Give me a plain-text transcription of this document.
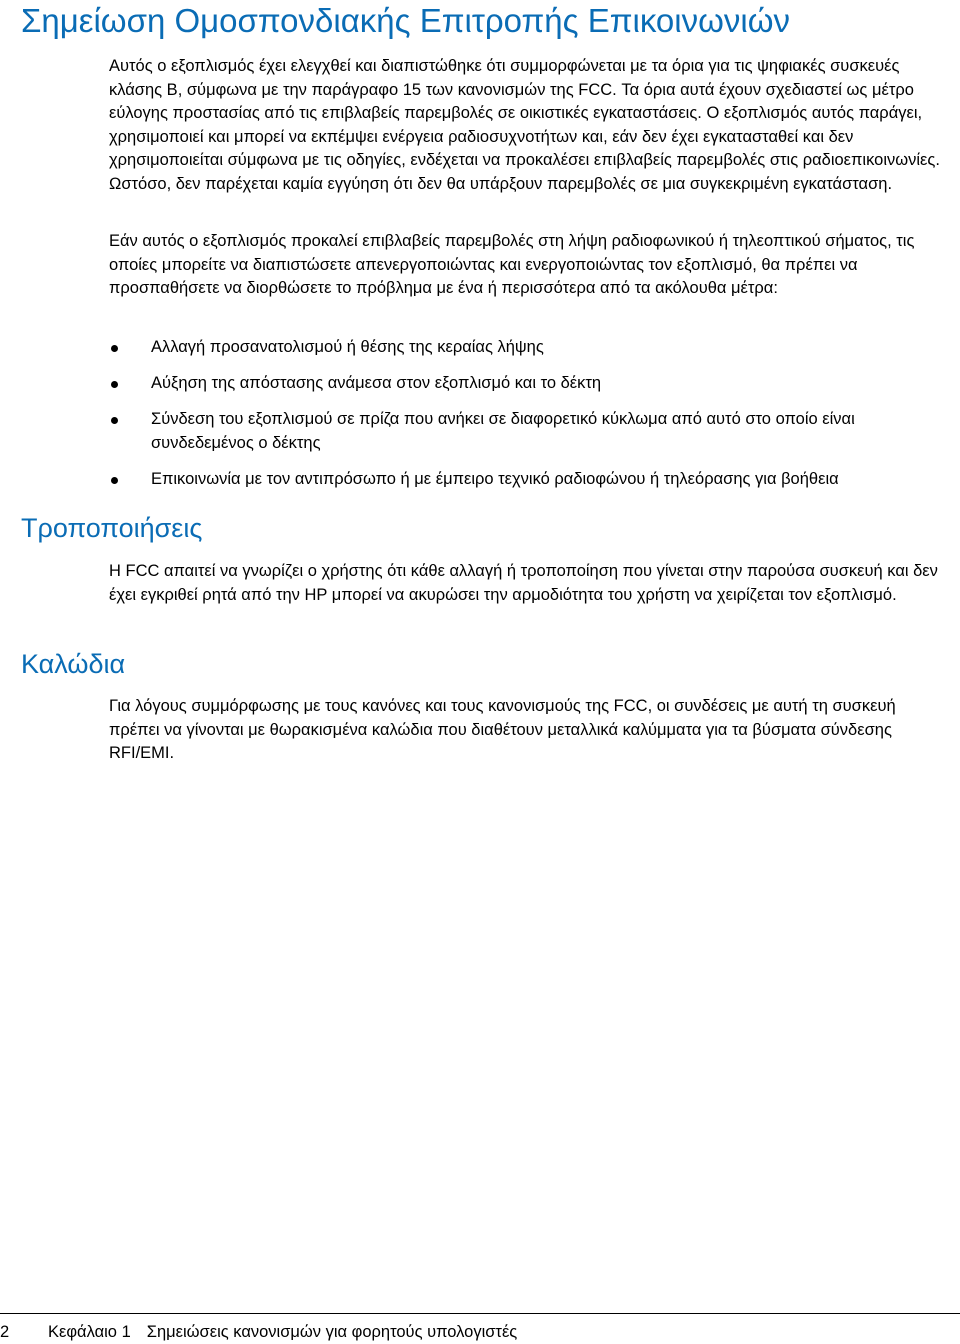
Σημείωση Ομοσπονδιακής Επιτροπής Επικοινωνιών

Αυτός ο εξοπλισμός έχει ελεγχθεί και διαπιστώθηκε ότι συμμορφώνεται με τα όρια για τις ψηφιακές συσκευές κλάσης B, σύμφωνα με την παράγραφο 15 των κανονισμών της FCC. Τα όρια αυτά έχουν σχεδιαστεί ως μέτρο εύλογης προστασίας από τις επιβλαβείς παρεμβολές σε οικιστικές εγκαταστάσεις. Ο εξοπλισμός αυτός παράγει, χρησιμοποιεί και μπορεί να εκπέμψει ενέργεια ραδιοσυχνοτήτων και, εάν δεν έχει εγκατασταθεί και δεν χρησιμοποιείται σύμφωνα με τις οδηγίες, ενδέχεται να προκαλέσει επιβλαβείς παρεμβολές στις ραδιοεπικοινωνίες. Ωστόσο, δεν παρέχεται καμία εγγύηση ότι δεν θα υπάρξουν παρεμβολές σε μια συγκεκριμένη εγκατάσταση.

Εάν αυτός ο εξοπλισμός προκαλεί επιβλαβείς παρεμβολές στη λήψη ραδιοφωνικού ή τηλεοπτικού σήματος, τις οποίες μπορείτε να διαπιστώσετε απενεργοποιώντας και ενεργοποιώντας τον εξοπλισμό, θα πρέπει να προσπαθήσετε να διορθώσετε το πρόβλημα με ένα ή περισσότερα από τα ακόλουθα μέτρα:

Αλλαγή προσανατολισμού ή θέσης της κεραίας λήψης
Αύξηση της απόστασης ανάμεσα στον εξοπλισμό και το δέκτη
Σύνδεση του εξοπλισμού σε πρίζα που ανήκει σε διαφορετικό κύκλωμα από αυτό στο οποίο είναι συνδεδεμένος ο δέκτης
Επικοινωνία με τον αντιπρόσωπο ή με έμπειρο τεχνικό ραδιοφώνου ή τηλεόρασης για βοήθεια
Τροποποιήσεις

Η FCC απαιτεί να γνωρίζει ο χρήστης ότι κάθε αλλαγή ή τροποποίηση που γίνεται στην παρούσα συσκευή και δεν έχει εγκριθεί ρητά από την HP μπορεί να ακυρώσει την αρμοδιότητα του χρήστη να χειρίζεται τον εξοπλισμό.

Καλώδια

Για λόγους συμμόρφωσης με τους κανόνες και τους κανονισμούς της FCC, οι συνδέσεις με αυτή τη συσκευή πρέπει να γίνονται με θωρακισμένα καλώδια που διαθέτουν μεταλλικά καλύμματα για τα βύσματα σύνδεσης RFI/EMI.

2 Κεφάλαιο 1 Σημειώσεις κανονισμών για φορητούς υπολογιστές
